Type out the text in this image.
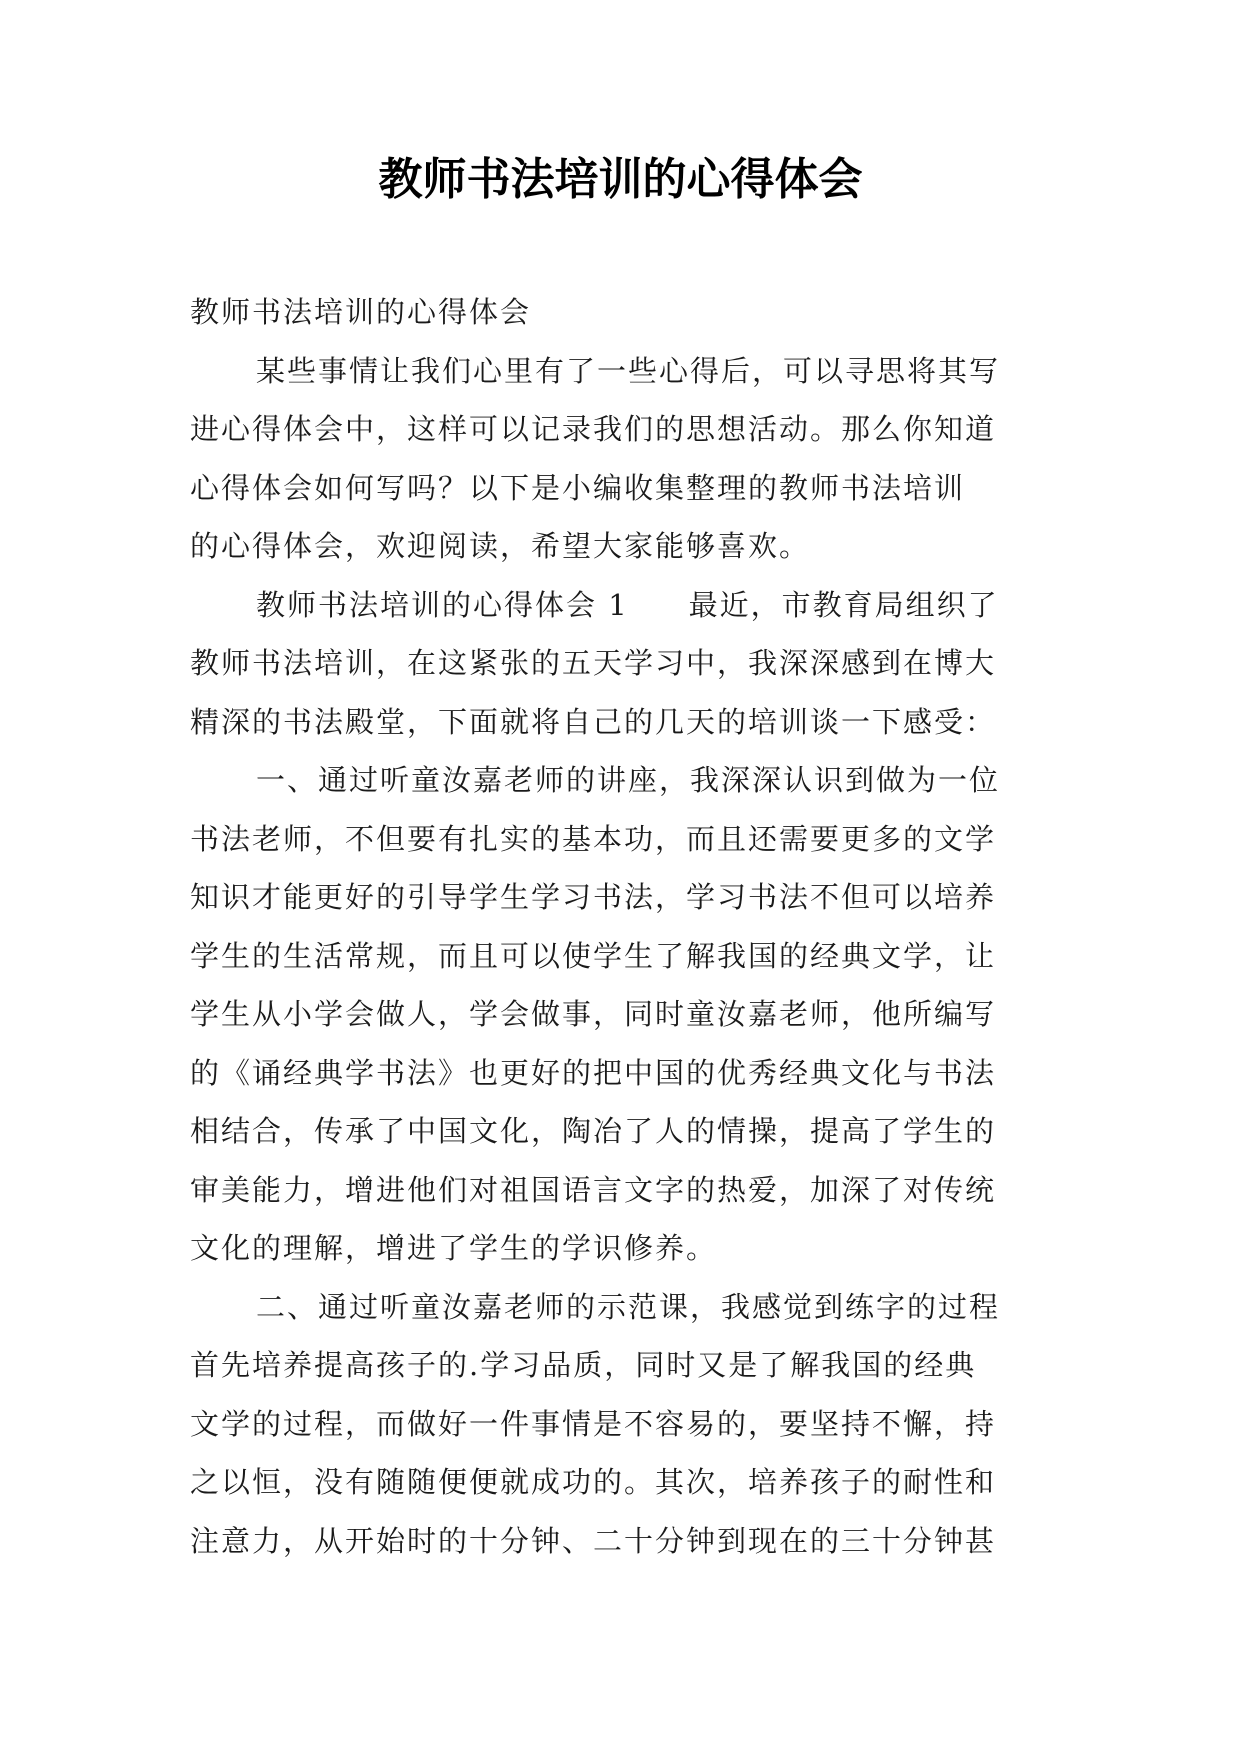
教师书法培训的心得体会
教师书法培训的心得体会
某些事情让我们心里有了一些心得后，可以寻思将其写
进心得体会中，这样可以记录我们的思想活动。那么你知道
心得体会如何写吗？以下是小编收集整理的教师书法培训
的心得体会，欢迎阅读，希望大家能够喜欢。
教师书法培训的心得体会 1 最近，市教育局组织了
教师书法培训，在这紧张的五天学习中，我深深感到在博大
精深的书法殿堂，下面就将自己的几天的培训谈一下感受：
一、通过听童汝嘉老师的讲座，我深深认识到做为一位
书法老师，不但要有扎实的基本功，而且还需要更多的文学
知识才能更好的引导学生学习书法，学习书法不但可以培养
学生的生活常规，而且可以使学生了解我国的经典文学，让
学生从小学会做人，学会做事，同时童汝嘉老师，他所编写
的《诵经典学书法》也更好的把中国的优秀经典文化与书法
相结合，传承了中国文化，陶冶了人的情操，提高了学生的
审美能力，增进他们对祖国语言文字的热爱，加深了对传统
文化的理解，增进了学生的学识修养。
二、通过听童汝嘉老师的示范课，我感觉到练字的过程
首先培养提高孩子的.学习品质，同时又是了解我国的经典
文学的过程，而做好一件事情是不容易的，要坚持不懈，持
之以恒，没有随随便便就成功的。其次，培养孩子的耐性和
注意力，从开始时的十分钟、二十分钟到现在的三十分钟甚
